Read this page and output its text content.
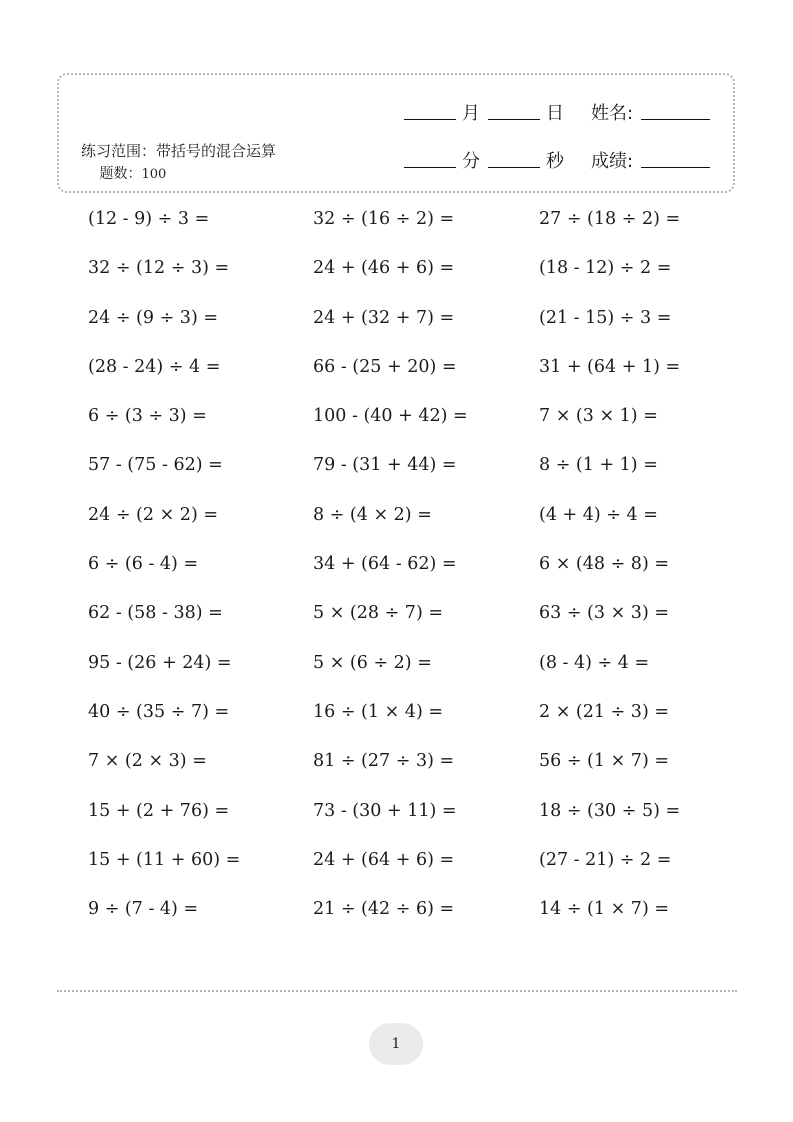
练习范围：带括号的混合运算
题数：100
月	日 姓名:
分	秒 成绩:
(12 - 9) ÷ 3 =	32 ÷ (16 ÷ 2) =	27 ÷ (18 ÷ 2) =
32 ÷ (12 ÷ 3) =	24 + (46 + 6) =	(18 - 12) ÷ 2 =
24 ÷ (9 ÷ 3) =	24 + (32 + 7) =	(21 - 15) ÷ 3 =
(28 - 24) ÷ 4 =	66 - (25 + 20) =	31 + (64 + 1) =
6 ÷ (3 ÷ 3) =	100 - (40 + 42) =	7 × (3 × 1) =
57 - (75 - 62) =	79 - (31 + 44) =	8 ÷ (1 + 1) =
24 ÷ (2 × 2) =	8 ÷ (4 × 2) =	(4 + 4) ÷ 4 =
6 ÷ (6 - 4) =	34 + (64 - 62) =	6 × (48 ÷ 8) =
62 - (58 - 38) =	5 × (28 ÷ 7) =	63 ÷ (3 × 3) =
95 - (26 + 24) =	5 × (6 ÷ 2) =	(8 - 4) ÷ 4 =
40 ÷ (35 ÷ 7) =	16 ÷ (1 × 4) =	2 × (21 ÷ 3) =
7 × (2 × 3) =	81 ÷ (27 ÷ 3) =	56 ÷ (1 × 7) =
15 + (2 + 76) =	73 - (30 + 11) =	18 ÷ (30 ÷ 5) =
15 + (11 + 60) =	24 + (64 + 6) =	(27 - 21) ÷ 2 =
9 ÷ (7 - 4) =	21 ÷ (42 ÷ 6) =	14 ÷ (1 × 7) =
1
